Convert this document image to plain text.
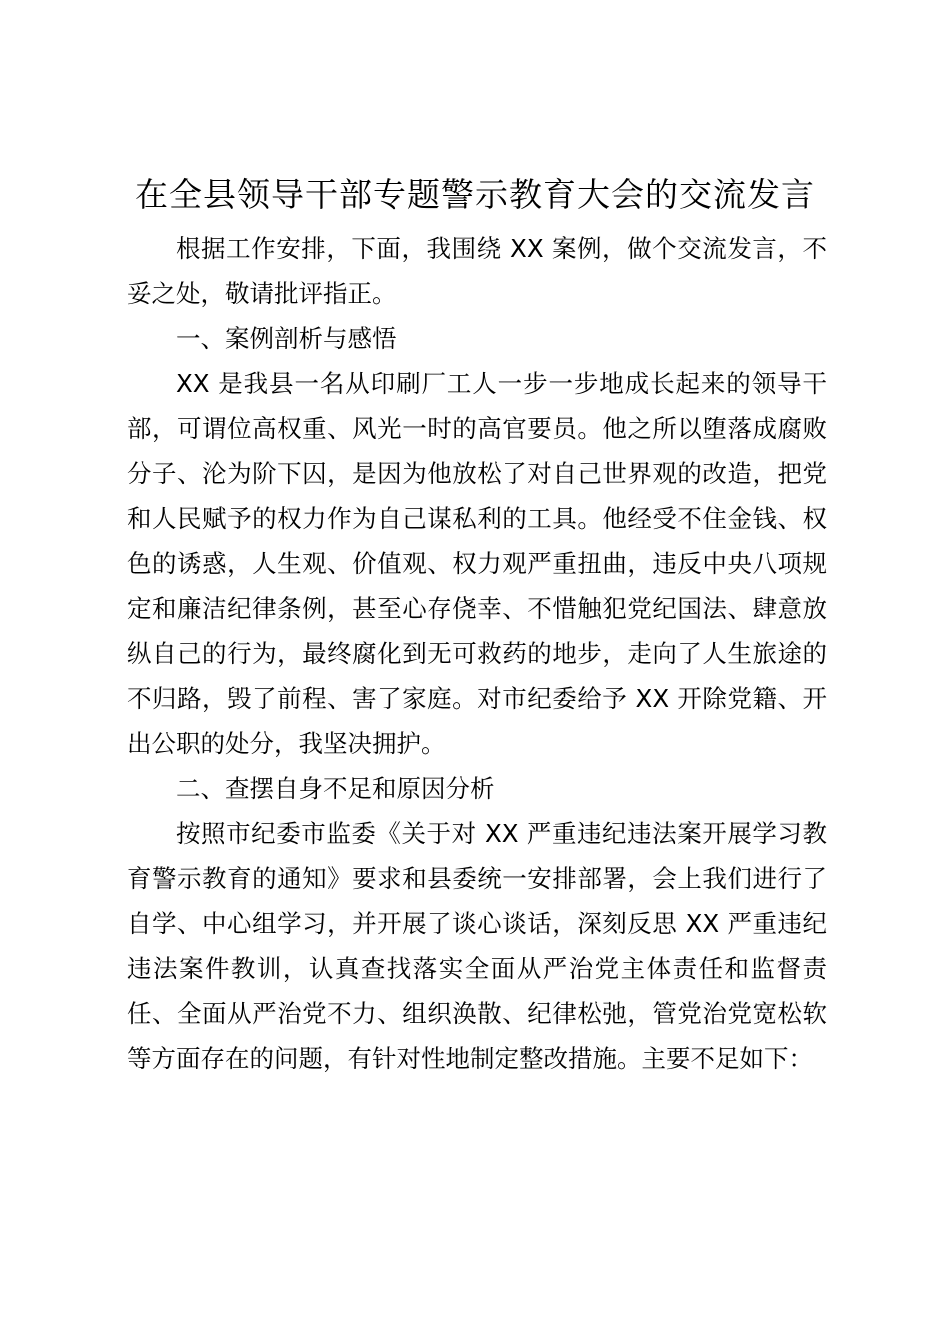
在全县领导干部专题警示教育大会的交流发言

根据工作安排，下面，我围绕 XX 案例，做个交流发言，不妥之处，敬请批评指正。

一、案例剖析与感悟

XX 是我县一名从印刷厂工人一步一步地成长起来的领导干部，可谓位高权重、风光一时的高官要员。他之所以堕落成腐败分子、沦为阶下囚，是因为他放松了对自己世界观的改造，把党和人民赋予的权力作为自己谋私利的工具。他经受不住金钱、权色的诱惑，人生观、价值观、权力观严重扭曲，违反中央八项规定和廉洁纪律条例，甚至心存侥幸、不惜触犯党纪国法、肆意放纵自己的行为，最终腐化到无可救药的地步，走向了人生旅途的不归路，毁了前程、害了家庭。对市纪委给予 XX 开除党籍、开出公职的处分，我坚决拥护。

二、查摆自身不足和原因分析

按照市纪委市监委《关于对 XX 严重违纪违法案开展学习教育警示教育的通知》要求和县委统一安排部署，会上我们进行了自学、中心组学习，并开展了谈心谈话，深刻反思 XX 严重违纪违法案件教训，认真查找落实全面从严治党主体责任和监督责任、全面从严治党不力、组织涣散、纪律松弛，管党治党宽松软等方面存在的问题，有针对性地制定整改措施。主要不足如下：
